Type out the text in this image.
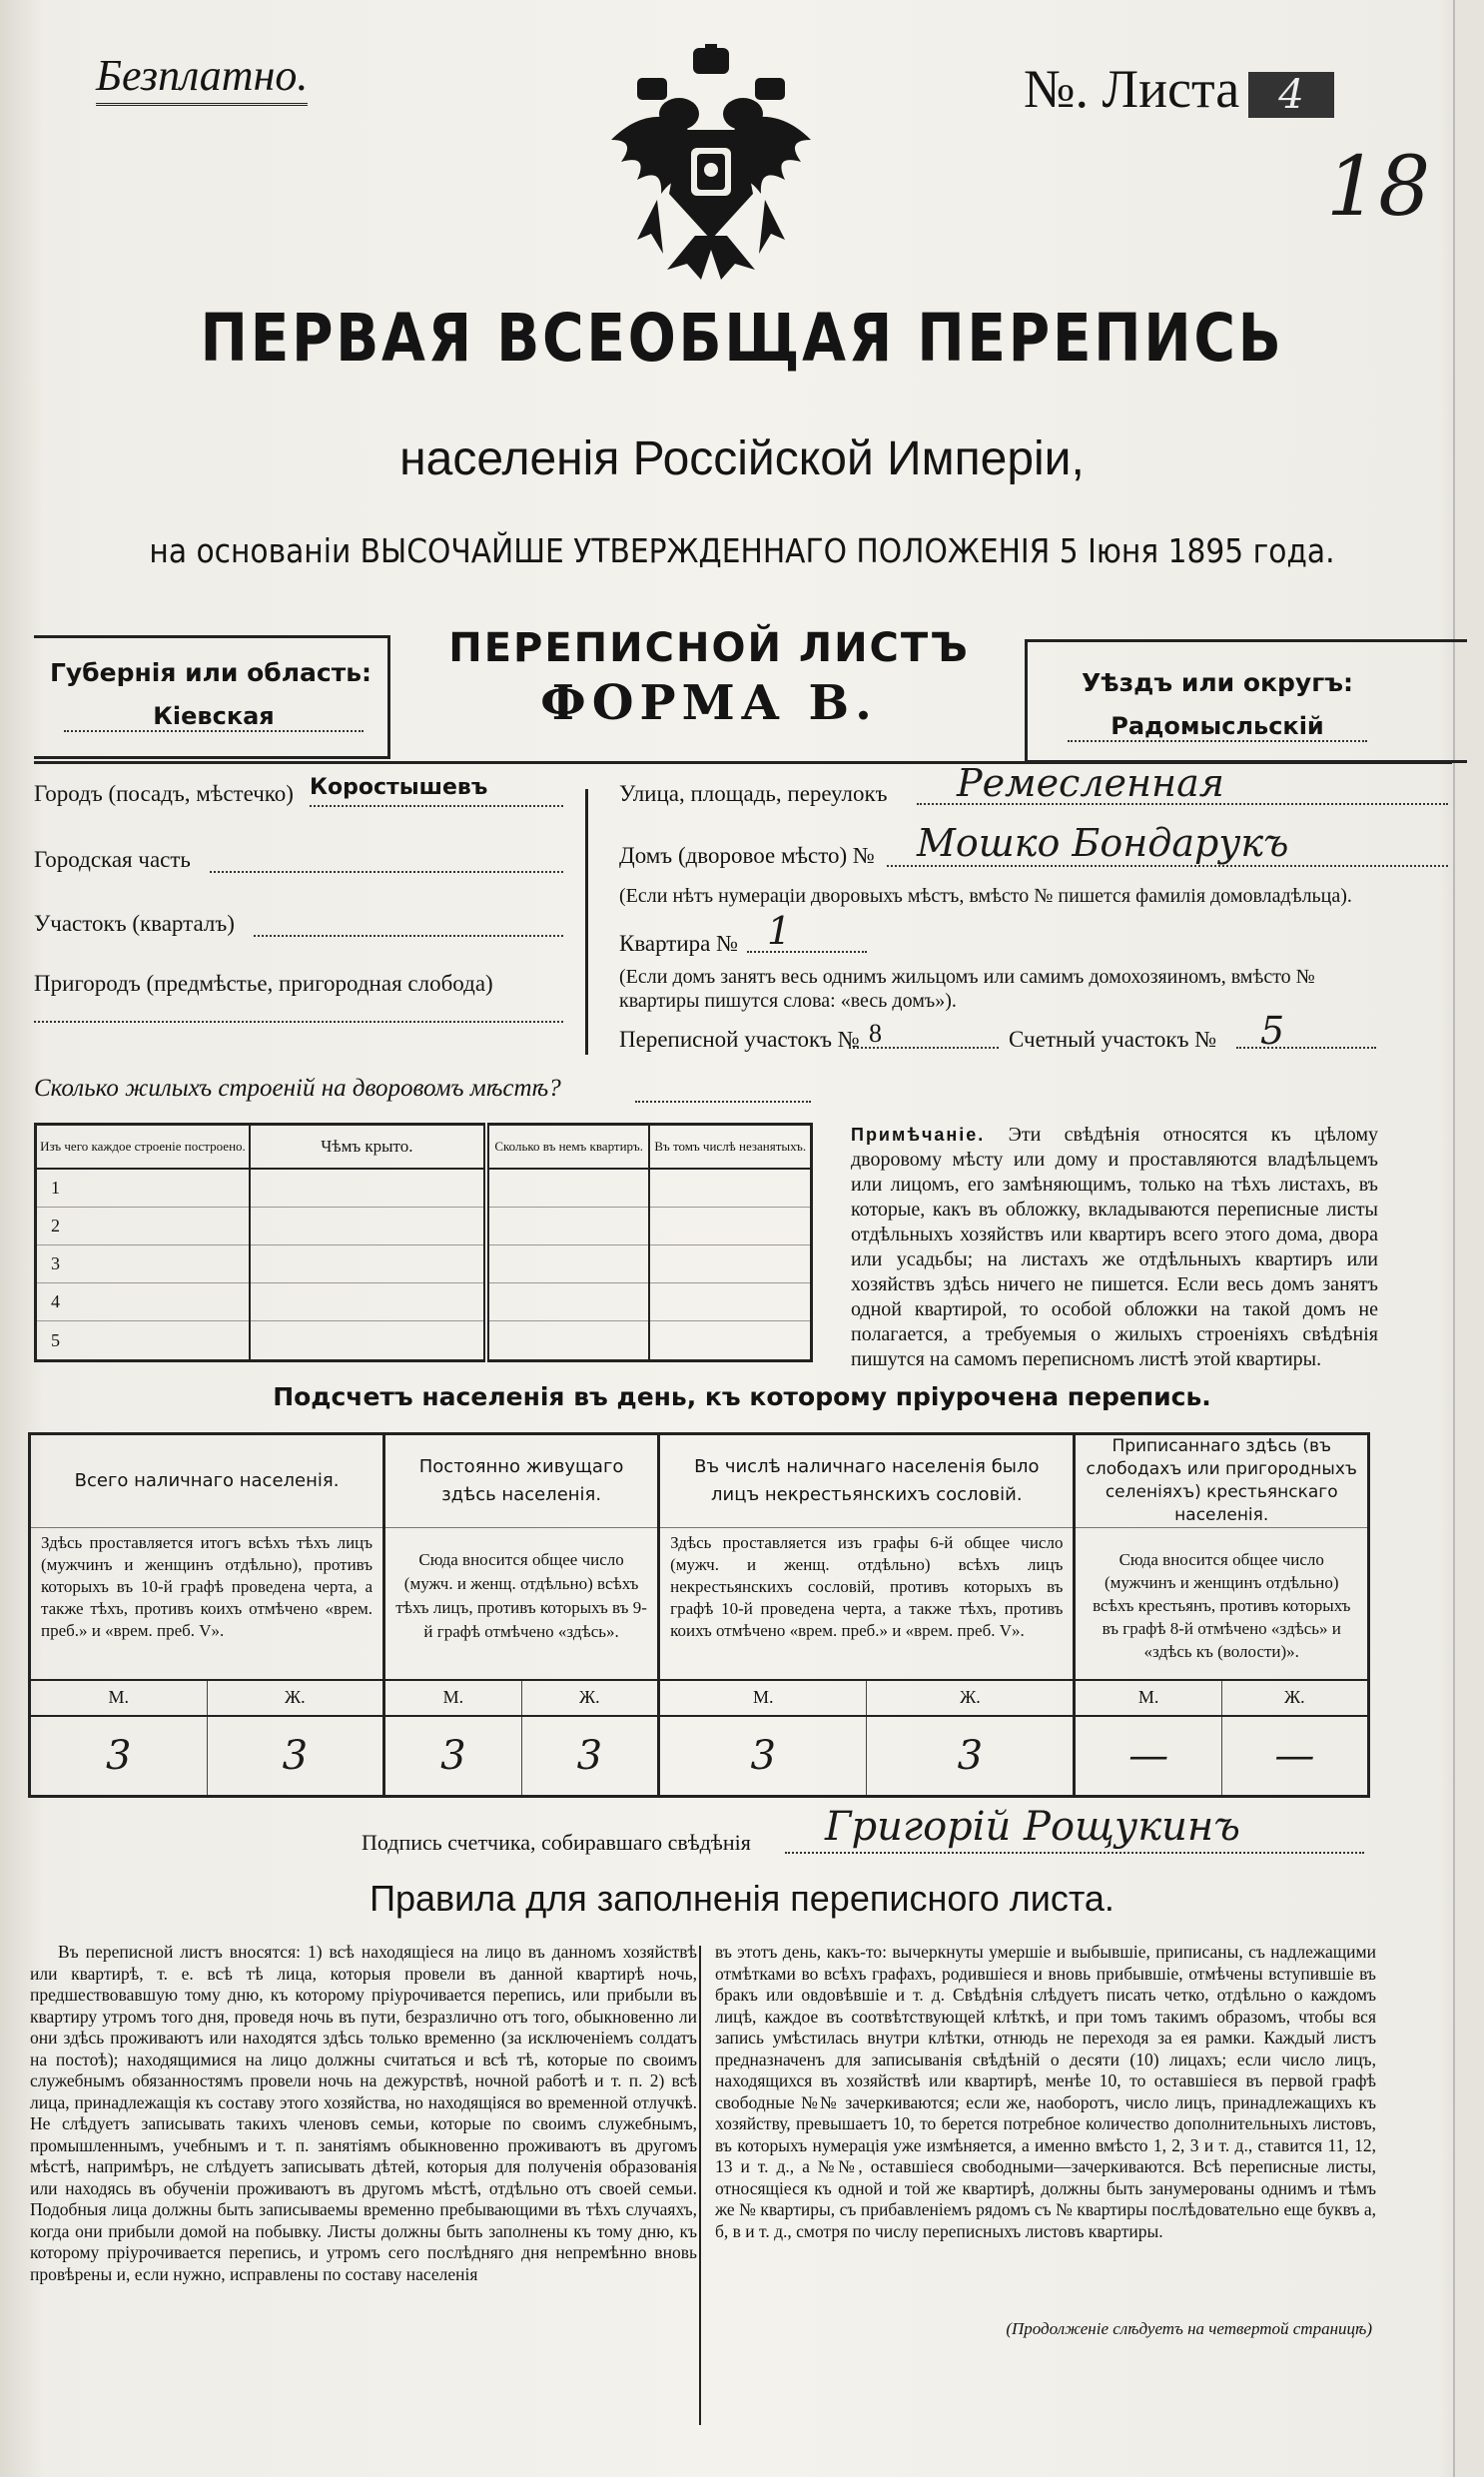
Безплатно.	№. Листа 4
18
ПЕРВАЯ ВСЕОБЩАЯ ПЕРЕПИСЬ
населенія Россійской Имперіи,
на основаніи ВЫСОЧАЙШЕ УТВЕРЖДЕННАГО ПОЛОЖЕНІЯ 5 Іюня 1895 года.
Губернія или область:
Кіевская
ПЕРЕПИСНОЙ ЛИСТЪ
ФОРМА В.	Уѣздъ или округъ:
Радомысльскій
Городъ (посадъ, мѣстечко) Коростышевъ
Городская часть
Участокъ (кварталъ)
Пригородъ (предмѣстье, пригородная слобода)
Улица, площадь, переулокъ	Ремесленная
Домъ (дворовое мѣсто) №	Мошко Бондарукъ
(Если нѣтъ нумераціи дворовыхъ мѣстъ, вмѣсто № пишется фамилія домовладѣльца).
Квартира № 1
(Если домъ занятъ весь однимъ жильцомъ или самимъ домохозяиномъ, вмѣсто № квартиры пишутся слова: «весь домъ»).
Переписной участокъ № 8	Счетный участокъ №	5
Сколько жилыхъ строеній на дворовомъ мѣстѣ?
Изъ чего каждое строеніе построено.	Чѣмъ крыто.	Сколько въ немъ квартиръ.	Въ томъ числѣ незанятыхъ.
1			
2			
3			
4			
5			
Примѣчаніе. Эти свѣдѣнія относятся къ цѣлому дворовому мѣсту или дому и проставляются владѣльцемъ или лицомъ, его замѣняющимъ, только на тѣхъ листахъ, въ которые, какъ въ обложку, вкладываются переписные листы отдѣльныхъ хозяйствъ или квартиръ всего этого дома, двора или усадьбы; на листахъ же отдѣльныхъ квартиръ или хозяйствъ здѣсь ничего не пишется. Если весь домъ занятъ одной квартирой, то особой обложки на такой домъ не полагается, а требуемыя о жилыхъ строеніяхъ свѣдѣнія пишутся на самомъ переписномъ листѣ этой квартиры.
Подсчетъ населенія въ день, къ которому пріурочена перепись.
Всего наличнаго населенія.		Постоянно живущаго здѣсь населенія.		Въ числѣ наличнаго населенія было лицъ некрестьянскихъ сословій.		Приписаннаго здѣсь (въ слободахъ или пригородныхъ селеніяхъ) крестьянскаго населенія.	
Здѣсь проставляется итогъ всѣхъ тѣхъ лицъ (мужчинъ и женщинъ отдѣльно), противъ которыхъ въ 10-й графѣ проведена черта, а также тѣхъ, противъ коихъ отмѣчено «врем. преб.» и «врем. преб. V».		Сюда вносится общее число (мужч. и женщ. отдѣльно) всѣхъ тѣхъ лицъ, противъ которыхъ въ 9-й графѣ отмѣчено «здѣсь».		Здѣсь проставляется изъ графы 6-й общее число (мужч. и женщ. отдѣльно) всѣхъ лицъ некрестьянскихъ сословій, противъ которыхъ въ графѣ 10-й проведена черта, а также тѣхъ, противъ коихъ отмѣчено «врем. преб.» и «врем. преб. V».		Сюда вносится общее число (мужчинъ и женщинъ отдѣльно) всѣхъ крестьянъ, противъ которыхъ въ графѣ 8-й отмѣчено «здѣсь» и «здѣсь къ (волости)».	
М.	Ж.	М.	Ж.	М.	Ж.	М.	Ж.
3	3	3	3	3	3	—	—
Подпись счетчика, собиравшаго свѣдѣнія	Григорій Рощукинъ
Правила для заполненія переписного листа.
Въ переписной листъ вносятся: 1) всѣ находящіеся на лицо въ данномъ хозяйствѣ или квартирѣ, т. е. всѣ тѣ лица, которыя провели въ данной квартирѣ ночь, предшествовавшую тому дню, къ которому пріурочивается перепись, или прибыли въ квартиру утромъ того дня, проведя ночь въ пути, безразлично отъ того, обыкновенно ли они здѣсь проживаютъ или находятся здѣсь только временно (за исключеніемъ солдатъ на постоѣ); находящимися на лицо должны считаться и всѣ тѣ, которые по своимъ служебнымъ обязанностямъ провели ночь на дежурствѣ, ночной работѣ и т. п. 2) всѣ лица, принадлежащія къ составу этого хозяйства, но находящіяся во временной отлучкѣ. Не слѣдуетъ записывать такихъ членовъ семьи, которые по своимъ служебнымъ, промышленнымъ, учебнымъ и т. п. занятіямъ обыкновенно проживаютъ въ другомъ мѣстѣ, напримѣръ, не слѣдуетъ записывать дѣтей, которыя для полученія образованія или находясь въ обученіи проживаютъ въ другомъ мѣстѣ, отдѣльно отъ своей семьи. Подобныя лица должны быть записываемы временно пребывающими въ тѣхъ случаяхъ, когда они прибыли домой на побывку. Листы должны быть заполнены къ тому дню, къ которому пріурочивается перепись, и утромъ сего послѣдняго дня непремѣнно вновь провѣрены и, если нужно, исправлены по составу населенія
въ этотъ день, какъ-то: вычеркнуты умершіе и выбывшіе, приписаны, съ надлежащими отмѣтками во всѣхъ графахъ, родившіеся и вновь прибывшіе, отмѣчены вступившіе въ бракъ или овдовѣвшіе и т. д. Свѣдѣнія слѣдуетъ писать четко, отдѣльно о каждомъ лицѣ, каждое въ соотвѣтствующей клѣткѣ, и при томъ такимъ образомъ, чтобы вся запись умѣстилась внутри клѣтки, отнюдь не переходя за ея рамки. Каждый листъ предназначенъ для записыванія свѣдѣній о десяти (10) лицахъ; если число лицъ, находящихся въ хозяйствѣ или квартирѣ, менѣе 10, то оставшіеся въ первой графѣ свободные №№ зачеркиваются; если же, наоборотъ, число лицъ, принадлежащихъ къ хозяйству, превышаетъ 10, то берется потребное количество дополнительныхъ листовъ, въ которыхъ нумерація уже измѣняется, а именно вмѣсто 1, 2, 3 и т. д., ставится 11, 12, 13 и т. д., а №№, оставшіеся свободными—зачеркиваются. Всѣ переписные листы, относящіеся къ одной и той же квартирѣ, должны быть занумерованы однимъ и тѣмъ же № квартиры, съ прибавленіемъ рядомъ съ № квартиры послѣдовательно еще буквъ а, б, в и т. д., смотря по числу переписныхъ листовъ квартиры.
(Продолженіе слѣдуетъ на четвертой страницѣ)
